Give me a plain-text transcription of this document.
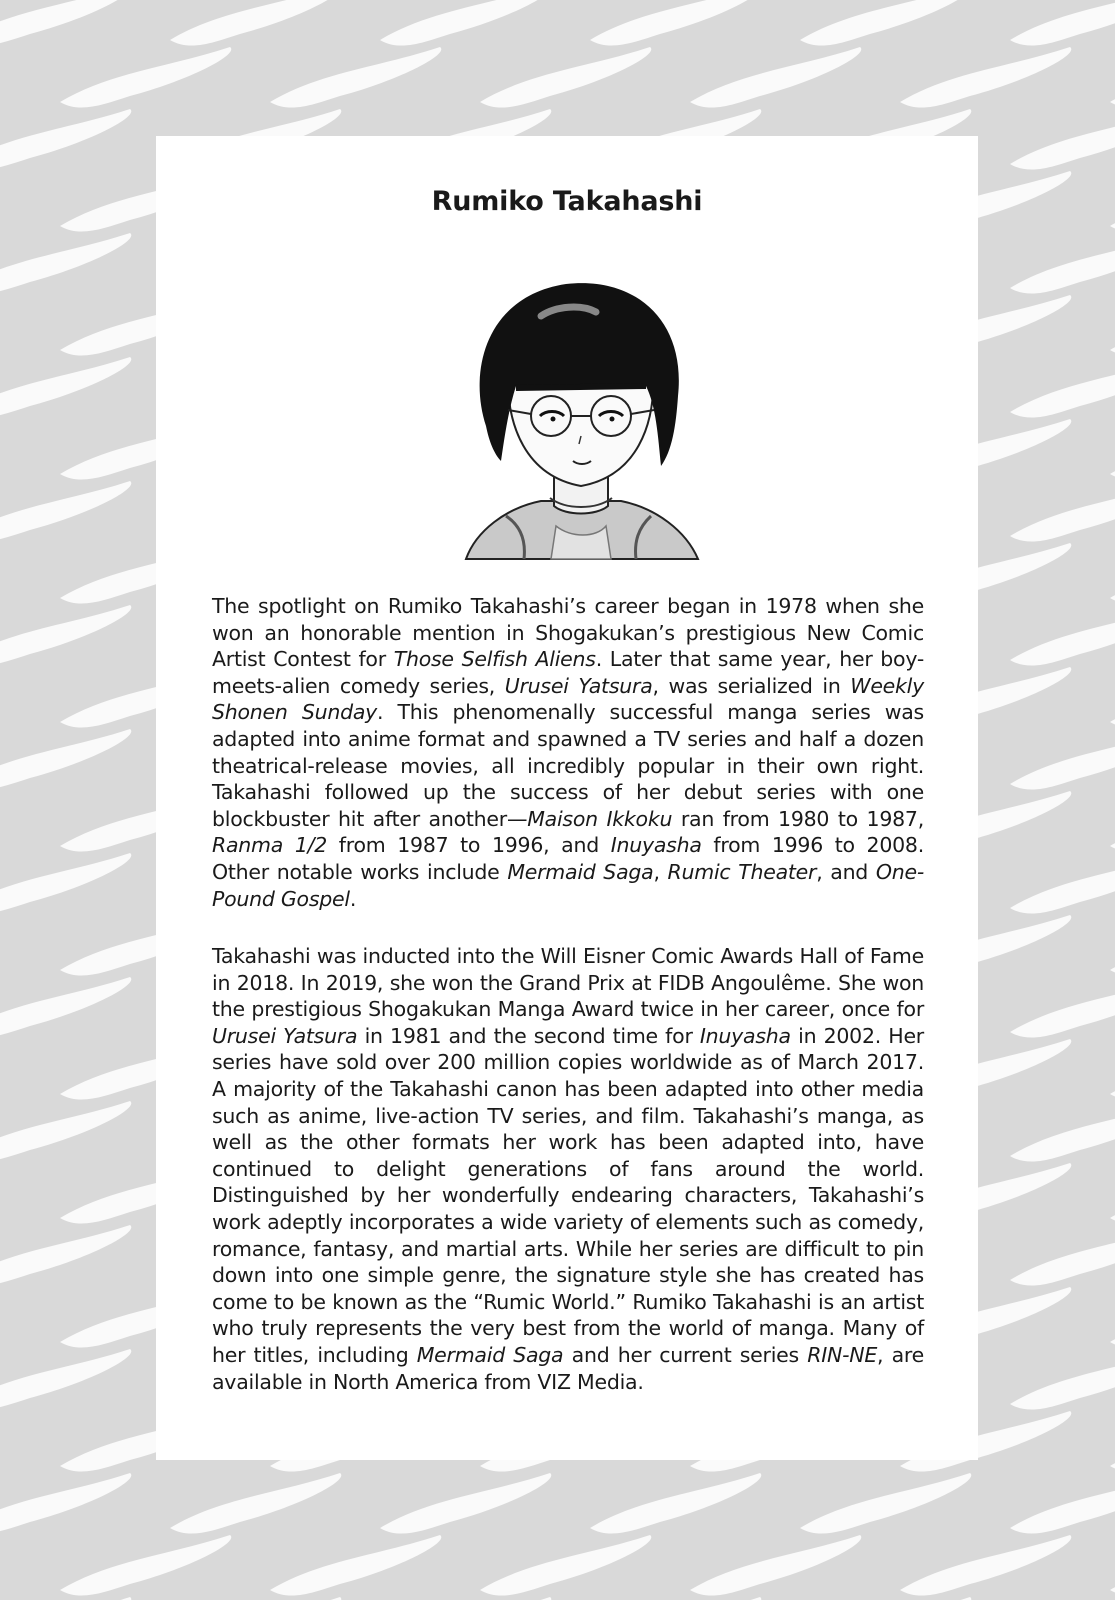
Rumiko Takahashi

The spotlight on Rumiko Takahashi’s career began in 1978 when she won an honorable mention in Shogakukan’s prestigious New Comic Artist Contest for Those Selfish Aliens. Later that same year, her boy-meets-alien comedy series, Urusei Yatsura, was serialized in Weekly Shonen Sunday. This phenomenally successful manga series was adapted into anime format and spawned a TV series and half a dozen theatrical-release movies, all incredibly popular in their own right. Takahashi followed up the success of her debut series with one blockbuster hit after another—Maison Ikkoku ran from 1980 to 1987, Ranma 1/2 from 1987 to 1996, and Inuyasha from 1996 to 2008. Other notable works include Mermaid Saga, Rumic Theater, and One-Pound Gospel.

Takahashi was inducted into the Will Eisner Comic Awards Hall of Fame in 2018. In 2019, she won the Grand Prix at FIDB Angoulême. She won the prestigious Shogakukan Manga Award twice in her career, once for Urusei Yatsura in 1981 and the second time for Inuyasha in 2002. Her series have sold over 200 million copies worldwide as of March 2017. A majority of the Takahashi canon has been adapted into other media such as anime, live-action TV series, and film. Takahashi’s manga, as well as the other formats her work has been adapted into, have continued to delight generations of fans around the world. Distinguished by her wonderfully endearing characters, Takahashi’s work adeptly incorporates a wide variety of elements such as comedy, romance, fantasy, and martial arts. While her series are difficult to pin down into one simple genre, the signature style she has created has come to be known as the “Rumic World.” Rumiko Takahashi is an artist who truly represents the very best from the world of manga. Many of her titles, including Mermaid Saga and her current series RIN-NE, are available in North America from VIZ Media.
